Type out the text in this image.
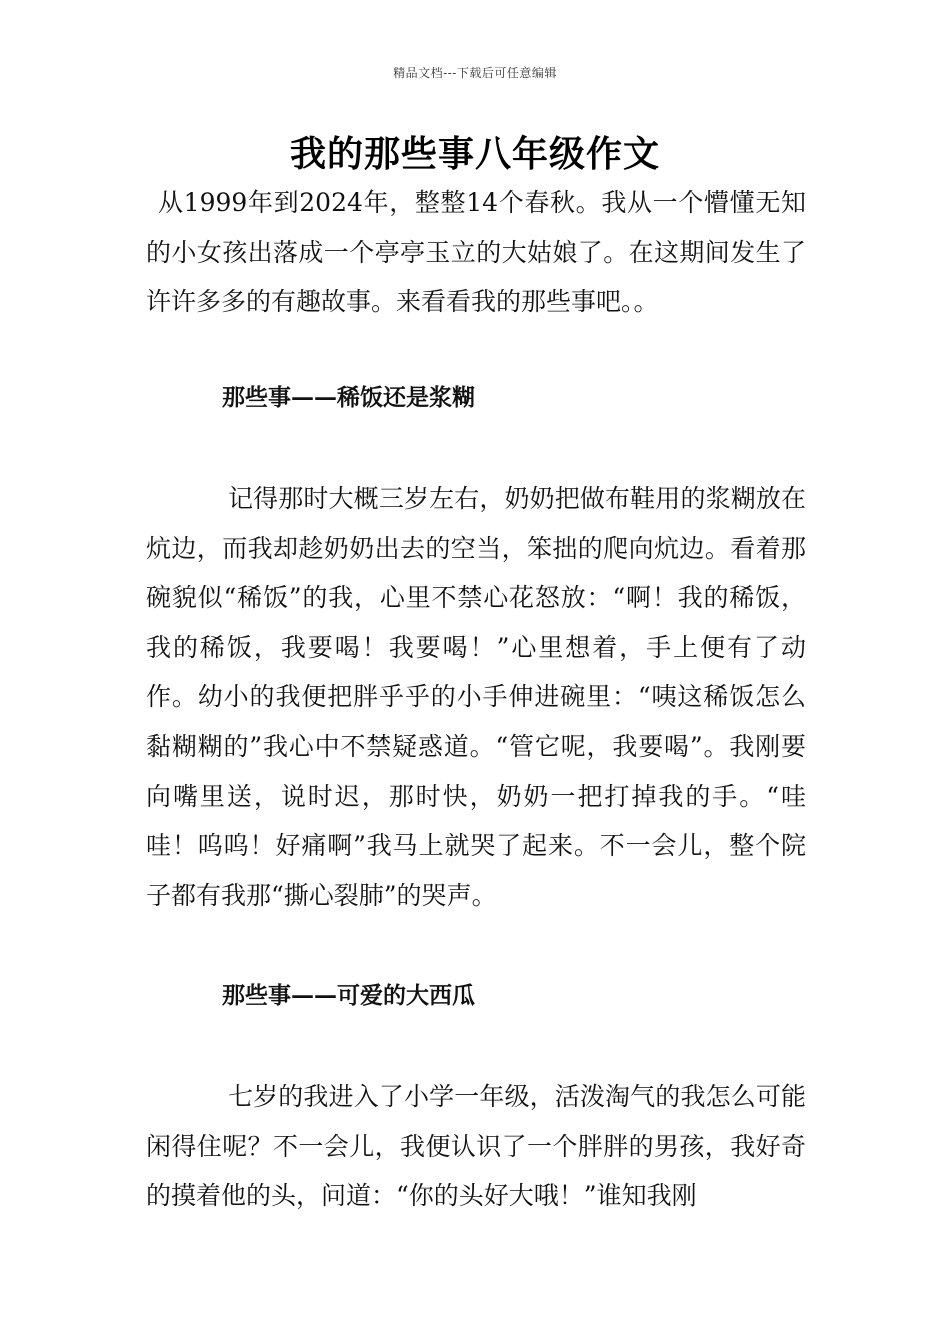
精品文档---下载后可任意编辑
我的那些事八年级作文

从1999年到2024年，整整14个春秋。我从一个懵懂无知的小女孩出落成一个亭亭玉立的大姑娘了。在这期间发生了许许多多的有趣故事。来看看我的那些事吧。。

那些事——稀饭还是浆糊

记得那时大概三岁左右，奶奶把做布鞋用的浆糊放在炕边，而我却趁奶奶出去的空当，笨拙的爬向炕边。看着那碗貌似“稀饭”的我，心里不禁心花怒放：“啊！我的稀饭，我的稀饭，我要喝！我要喝！”心里想着，手上便有了动作。幼小的我便把胖乎乎的小手伸进碗里：“咦这稀饭怎么黏糊糊的”我心中不禁疑惑道。“管它呢，我要喝”。我刚要向嘴里送，说时迟，那时快，奶奶一把打掉我的手。“哇哇！呜呜！好痛啊”我马上就哭了起来。不一会儿，整个院子都有我那“撕心裂肺”的哭声。

那些事——可爱的大西瓜

七岁的我进入了小学一年级，活泼淘气的我怎么可能闲得住呢？不一会儿，我便认识了一个胖胖的男孩，我好奇的摸着他的头，问道：“你的头好大哦！”谁知我刚
